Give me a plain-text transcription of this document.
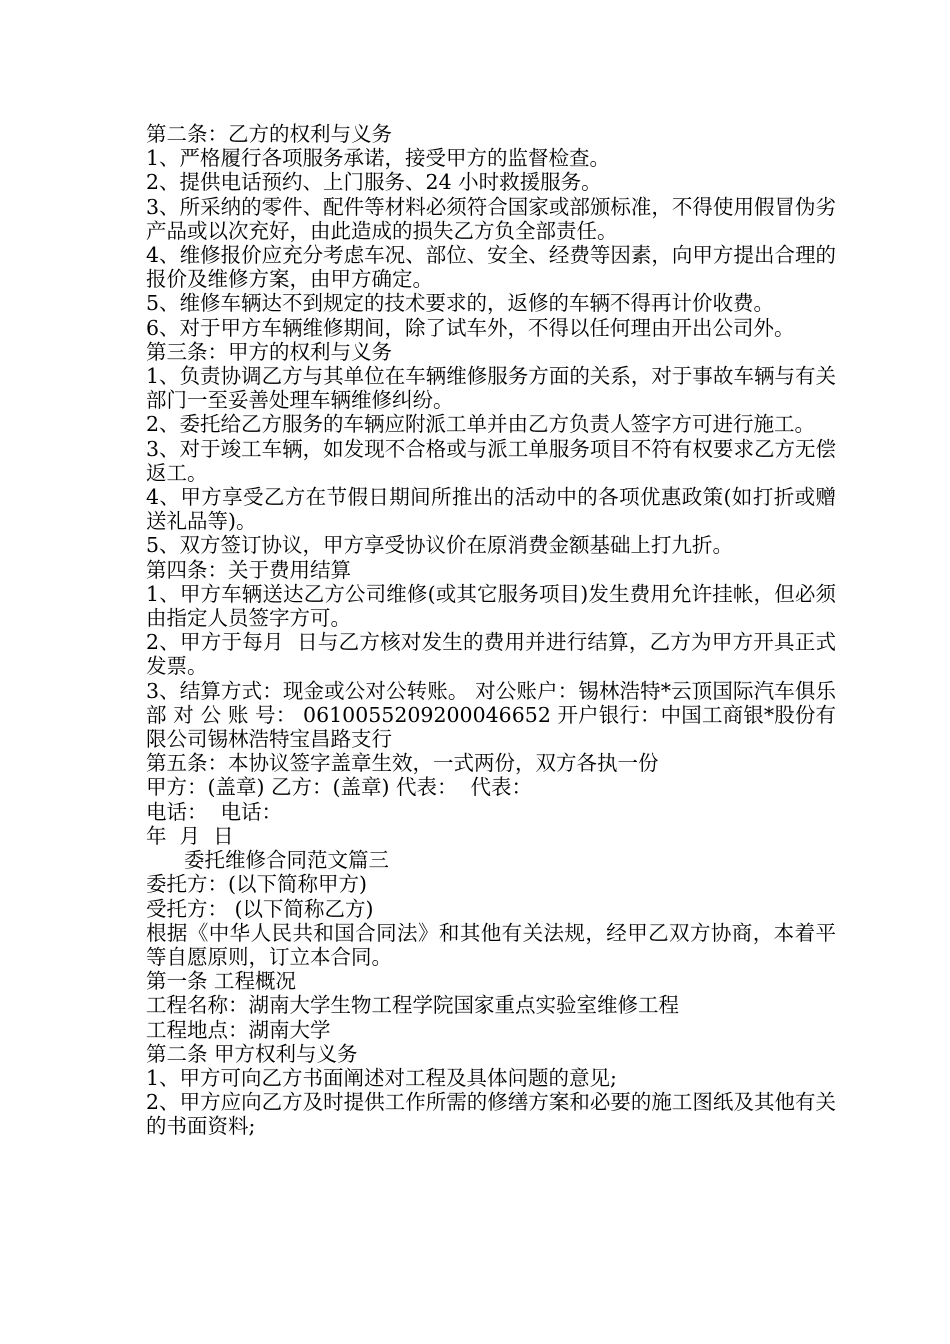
第二条：乙方的权利与义务

1、严格履行各项服务承诺，接受甲方的监督检查。

2、提供电话预约、上门服务、24 小时救援服务。

3、所采纳的零件、配件等材料必须符合国家或部颁标准，不得使用假冒伪劣产品或以次充好，由此造成的损失乙方负全部责任。

4、维修报价应充分考虑车况、部位、安全、经费等因素，向甲方提出合理的报价及维修方案，由甲方确定。

5、维修车辆达不到规定的技术要求的，返修的车辆不得再计价收费。

6、对于甲方车辆维修期间，除了试车外，不得以任何理由开出公司外。

第三条：甲方的权利与义务

1、负责协调乙方与其单位在车辆维修服务方面的关系，对于事故车辆与有关部门一至妥善处理车辆维修纠纷。

2、委托给乙方服务的车辆应附派工单并由乙方负责人签字方可进行施工。

3、对于竣工车辆，如发现不合格或与派工单服务项目不符有权要求乙方无偿返工。

4、甲方享受乙方在节假日期间所推出的活动中的各项优惠政策(如打折或赠送礼品等)。

5、双方签订协议，甲方享受协议价在原消费金额基础上打九折。

第四条：关于费用结算

1、甲方车辆送达乙方公司维修(或其它服务项目)发生费用允许挂帐，但必须由指定人员签字方可。

2、甲方于每月  日与乙方核对发生的费用并进行结算，乙方为甲方开具正式发票。

3、结算方式：现金或公对公转账。 对公账户：锡林浩特*云顶国际汽车俱乐部 对 公 账 号： 0610055209200046652 开户银行：中国工商银*股份有限公司锡林浩特宝昌路支行

第五条：本协议签字盖章生效，一式两份，双方各执一份

甲方：(盖章) 乙方：(盖章) 代表：  代表：

电话：  电话：

年  月  日

委托维修合同范文篇三

委托方：(以下简称甲方)

受托方： (以下简称乙方)

根据《中华人民共和国合同法》和其他有关法规，经甲乙双方协商，本着平等自愿原则，订立本合同。

第一条 工程概况

工程名称：湖南大学生物工程学院国家重点实验室维修工程

工程地点：湖南大学

第二条 甲方权利与义务

1、甲方可向乙方书面阐述对工程及具体问题的意见;

2、甲方应向乙方及时提供工作所需的修缮方案和必要的施工图纸及其他有关的书面资料;
